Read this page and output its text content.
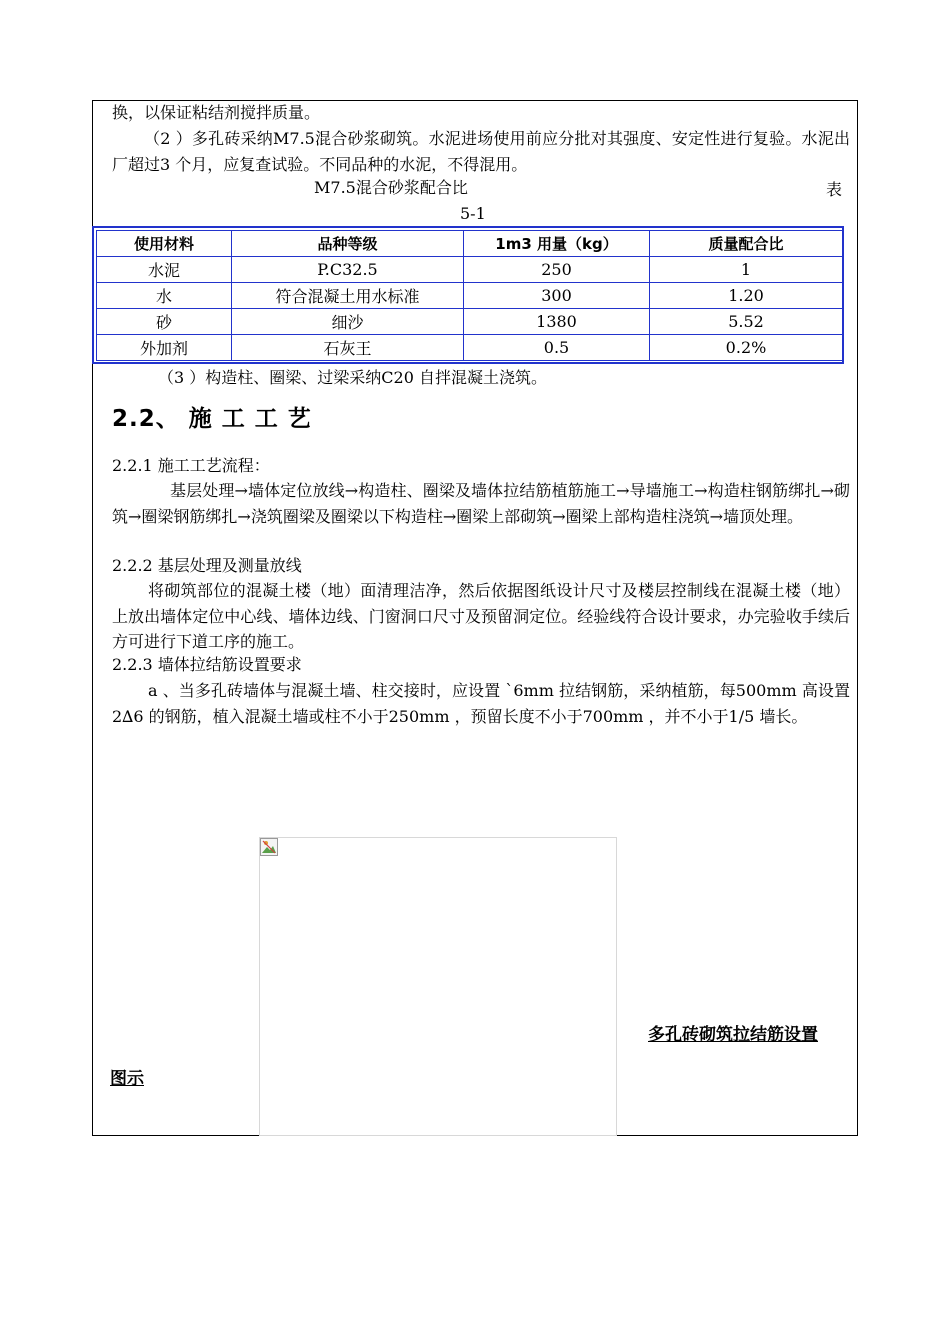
换，以保证粘结剂搅拌质量。
（2 ）多孔砖采纳M7.5混合砂浆砌筑。水泥进场使用前应分批对其强度、安定性进行复验。水泥出厂超过3 个月，应复查试验。不同品种的水泥，不得混用。
M7.5混合砂浆配合比	表
5-1
使用材料	品种等级	1m3 用量（kg）	质量配合比
水泥	P.C32.5	250	1
水	符合混凝土用水标准	300	1.20
砂	细沙	1380	5.52
外加剂	石灰王	0.5	0.2%
（3 ）构造柱、圈梁、过梁采纳C20 自拌混凝土浇筑。
2.2、 施 工 工 艺
2.2.1 施工工艺流程：
基层处理→墙体定位放线→构造柱、圈梁及墙体拉结筋植筋施工→导墙施工→构造柱钢筋绑扎→砌筑→圈梁钢筋绑扎→浇筑圈梁及圈梁以下构造柱→圈梁上部砌筑→圈梁上部构造柱浇筑→墙顶处理。
2.2.2 基层处理及测量放线
将砌筑部位的混凝土楼（地）面清理洁净，然后依据图纸设计尺寸及楼层控制线在混凝土楼（地）上放出墙体定位中心线、墙体边线、门窗洞口尺寸及预留洞定位。经验线符合设计要求，办完验收手续后方可进行下道工序的施工。
2.2.3 墙体拉结筋设置要求
a 、当多孔砖墙体与混凝土墙、柱交接时，应设置 `6mm 拉结钢筋，采纳植筋，每500mm 高设置2∆6 的钢筋，植入混凝土墙或柱不小于250mm ，预留长度不小于700mm ，并不小于1/5 墙长。
多孔砖砌筑拉结筋设置
图示
